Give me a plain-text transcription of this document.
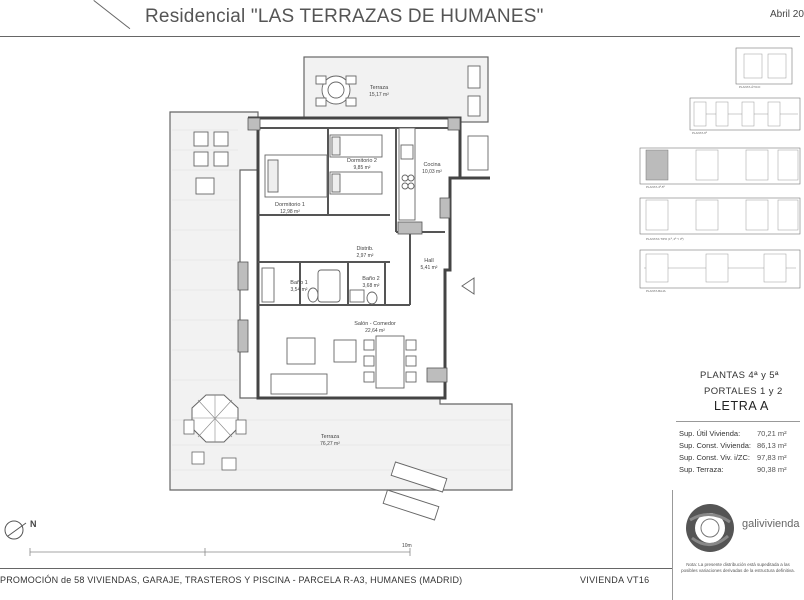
Residencial "LAS TERRAZAS DE HUMANES"	Abril 20
Terraza
15,17 m²
Dormitorio 2
9,85 m²	Cocina
10,03 m²
Dormitorio 1
12,98 m²
Distrib.
2,97 m²
Hall
5,41 m²
Baño 1
3,54 m²
Baño 2
3,68 m²
Salón - Comedor
22,64 m²
Terraza
76,27 m²
10m
N
PLANTA ÁTICO
PLANTA 6ª
PLANTA 4ª-5ª
PLANTAS TIPO (1ª, 2ª Y 3ª)
PLANTA BAJA
PLANTAS 4ª y 5ª
PORTALES 1 y 2
LETRA A
Sup. Útil Vivienda: 70,21 m²
Sup. Const. Vivienda: 86,13 m²
Sup. Const. Viv. i/ZC: 97,83 m²
Sup. Terraza:	90,38 m²
galivivienda
Nota: La presente distribución está supeditada a las posibles variaciones derivadas de la estructura definitiva.
PROMOCIÓN de 58 VIVIENDAS, GARAJE, TRASTEROS Y PISCINA - PARCELA R-A3, HUMANES (MADRID)	VIVIENDA VT16
